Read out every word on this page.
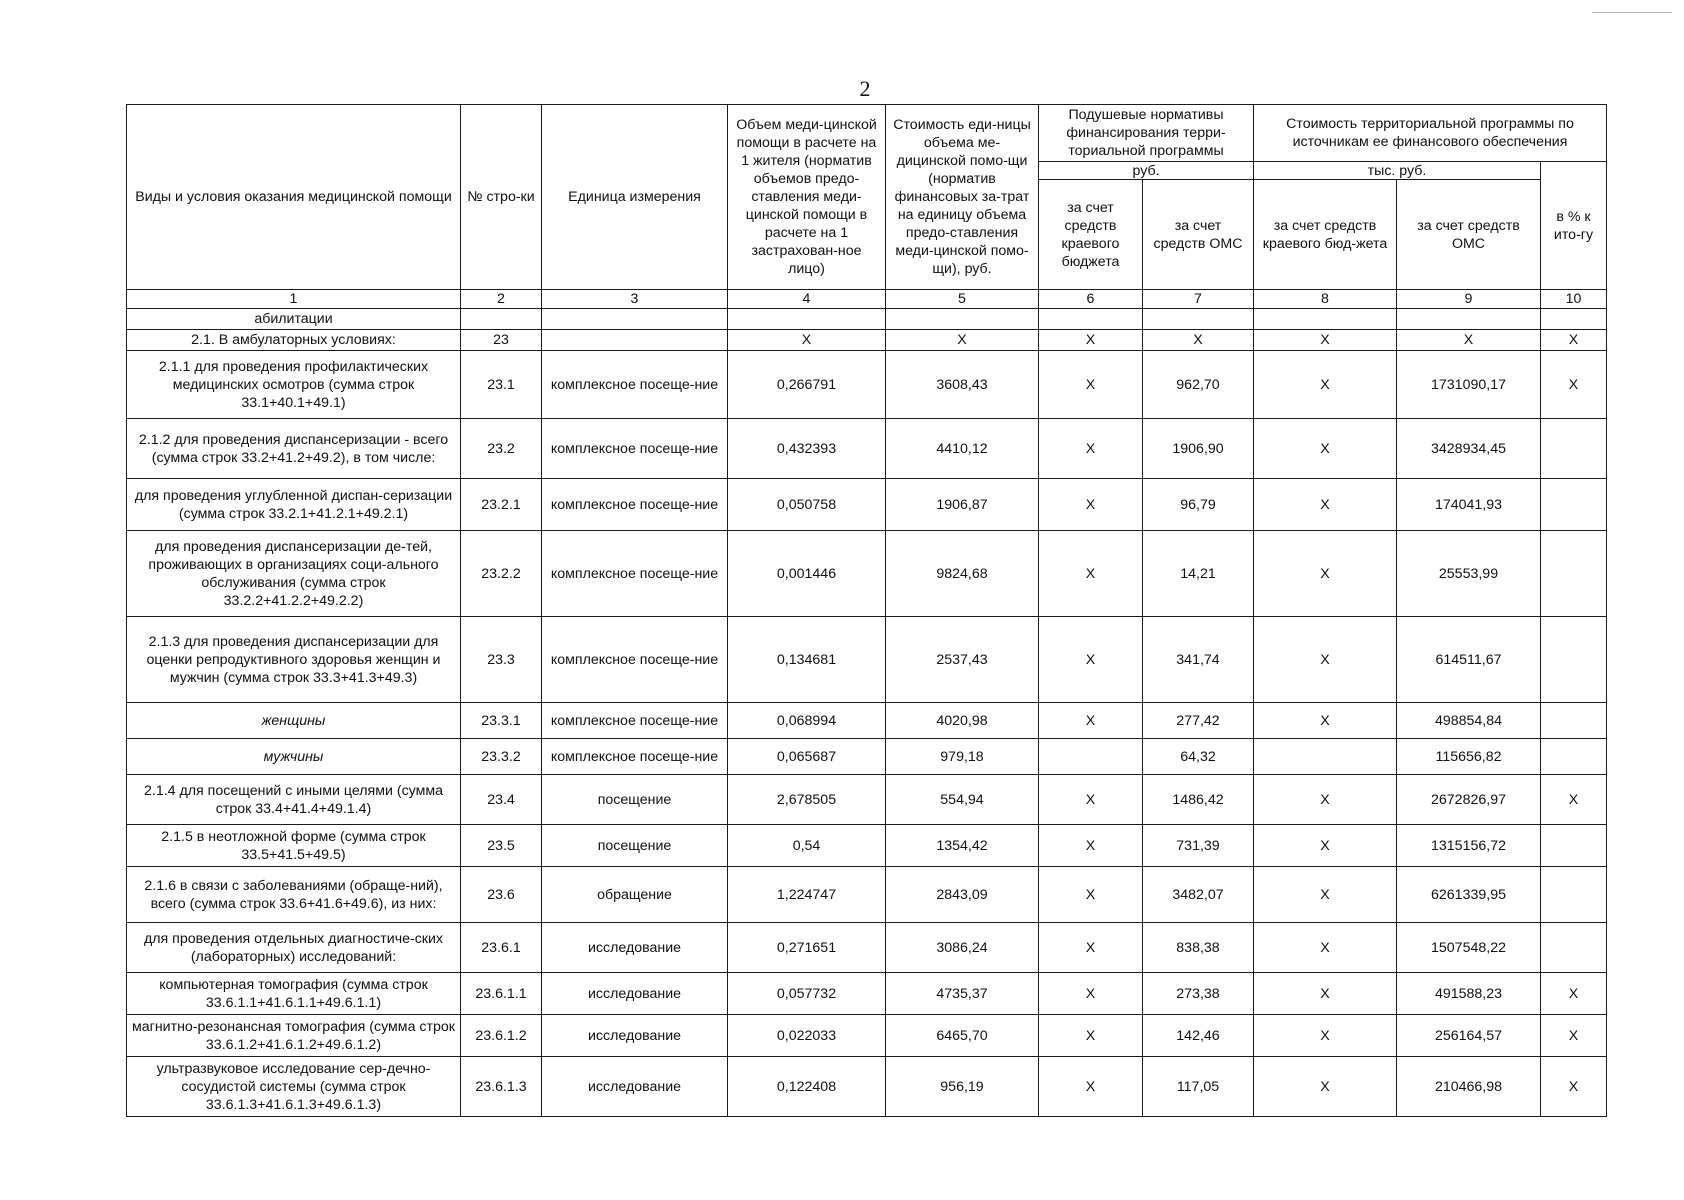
2
Виды и условия оказания медицинской помощи	№ стро-ки	Единица измерения	Объем меди-цинской помощи в расчете на 1 жителя (норматив объемов предо-ставления меди-цинской помощи в расчете на 1 застрахован-ное лицо)	Стоимость еди-ницы объема ме-дицинской помо-щи (норматив финансовых за-трат на единицу объема предо-ставления меди-цинской помо-щи), руб.	Подушевые нормативы финансирования терри-ториальной программы		Стоимость территориальной программы по источникам ее финансового обеспечения		
					руб.		тыс. руб.		в % к ито-гу
					за счет средств краевого бюджета	за счет средств ОМС	за счет средств краевого бюд-жета	за счет средств ОМС	
1	2	3	4	5	6	7	8	9	10
абилитации									
2.1. В амбулаторных условиях:	23		X	X	X	X	X	X	X
2.1.1 для проведения профилактических медицинских осмотров (сумма строк 33.1+40.1+49.1)	23.1	комплексное посеще-ние	0,266791	3608,43	X	962,70	X	1731090,17	X
2.1.2 для проведения диспансеризации - всего (сумма строк 33.2+41.2+49.2), в том числе:	23.2	комплексное посеще-ние	0,432393	4410,12	X	1906,90	X	3428934,45	
для проведения углубленной диспан-серизации (сумма строк 33.2.1+41.2.1+49.2.1)	23.2.1	комплексное посеще-ние	0,050758	1906,87	X	96,79	X	174041,93	
для проведения диспансеризации де-тей, проживающих в организациях соци-ального обслуживания (сумма строк 33.2.2+41.2.2+49.2.2)	23.2.2	комплексное посеще-ние	0,001446	9824,68	X	14,21	X	25553,99	
2.1.3 для проведения диспансеризации для оценки репродуктивного здоровья женщин и мужчин (сумма строк 33.3+41.3+49.3)	23.3	комплексное посеще-ние	0,134681	2537,43	X	341,74	X	614511,67	
женщины	23.3.1	комплексное посеще-ние	0,068994	4020,98	X	277,42	X	498854,84	
мужчины	23.3.2	комплексное посеще-ние	0,065687	979,18		64,32		115656,82	
2.1.4 для посещений с иными целями (сумма строк 33.4+41.4+49.1.4)	23.4	посещение	2,678505	554,94	X	1486,42	X	2672826,97	X
2.1.5 в неотложной форме (сумма строк 33.5+41.5+49.5)	23.5	посещение	0,54	1354,42	X	731,39	X	1315156,72	
2.1.6 в связи с заболеваниями (обраще-ний), всего (сумма строк 33.6+41.6+49.6), из них:	23.6	обращение	1,224747	2843,09	X	3482,07	X	6261339,95	
для проведения отдельных диагностиче-ских (лабораторных) исследований:	23.6.1	исследование	0,271651	3086,24	X	838,38	X	1507548,22	
компьютерная томография (сумма строк 33.6.1.1+41.6.1.1+49.6.1.1)	23.6.1.1	исследование	0,057732	4735,37	X	273,38	X	491588,23	X
магнитно-резонансная томография (сумма строк 33.6.1.2+41.6.1.2+49.6.1.2)	23.6.1.2	исследование	0,022033	6465,70	X	142,46	X	256164,57	X
ультразвуковое исследование сер-дечно-сосудистой системы (сумма строк 33.6.1.3+41.6.1.3+49.6.1.3)	23.6.1.3	исследование	0,122408	956,19	X	117,05	X	210466,98	X
